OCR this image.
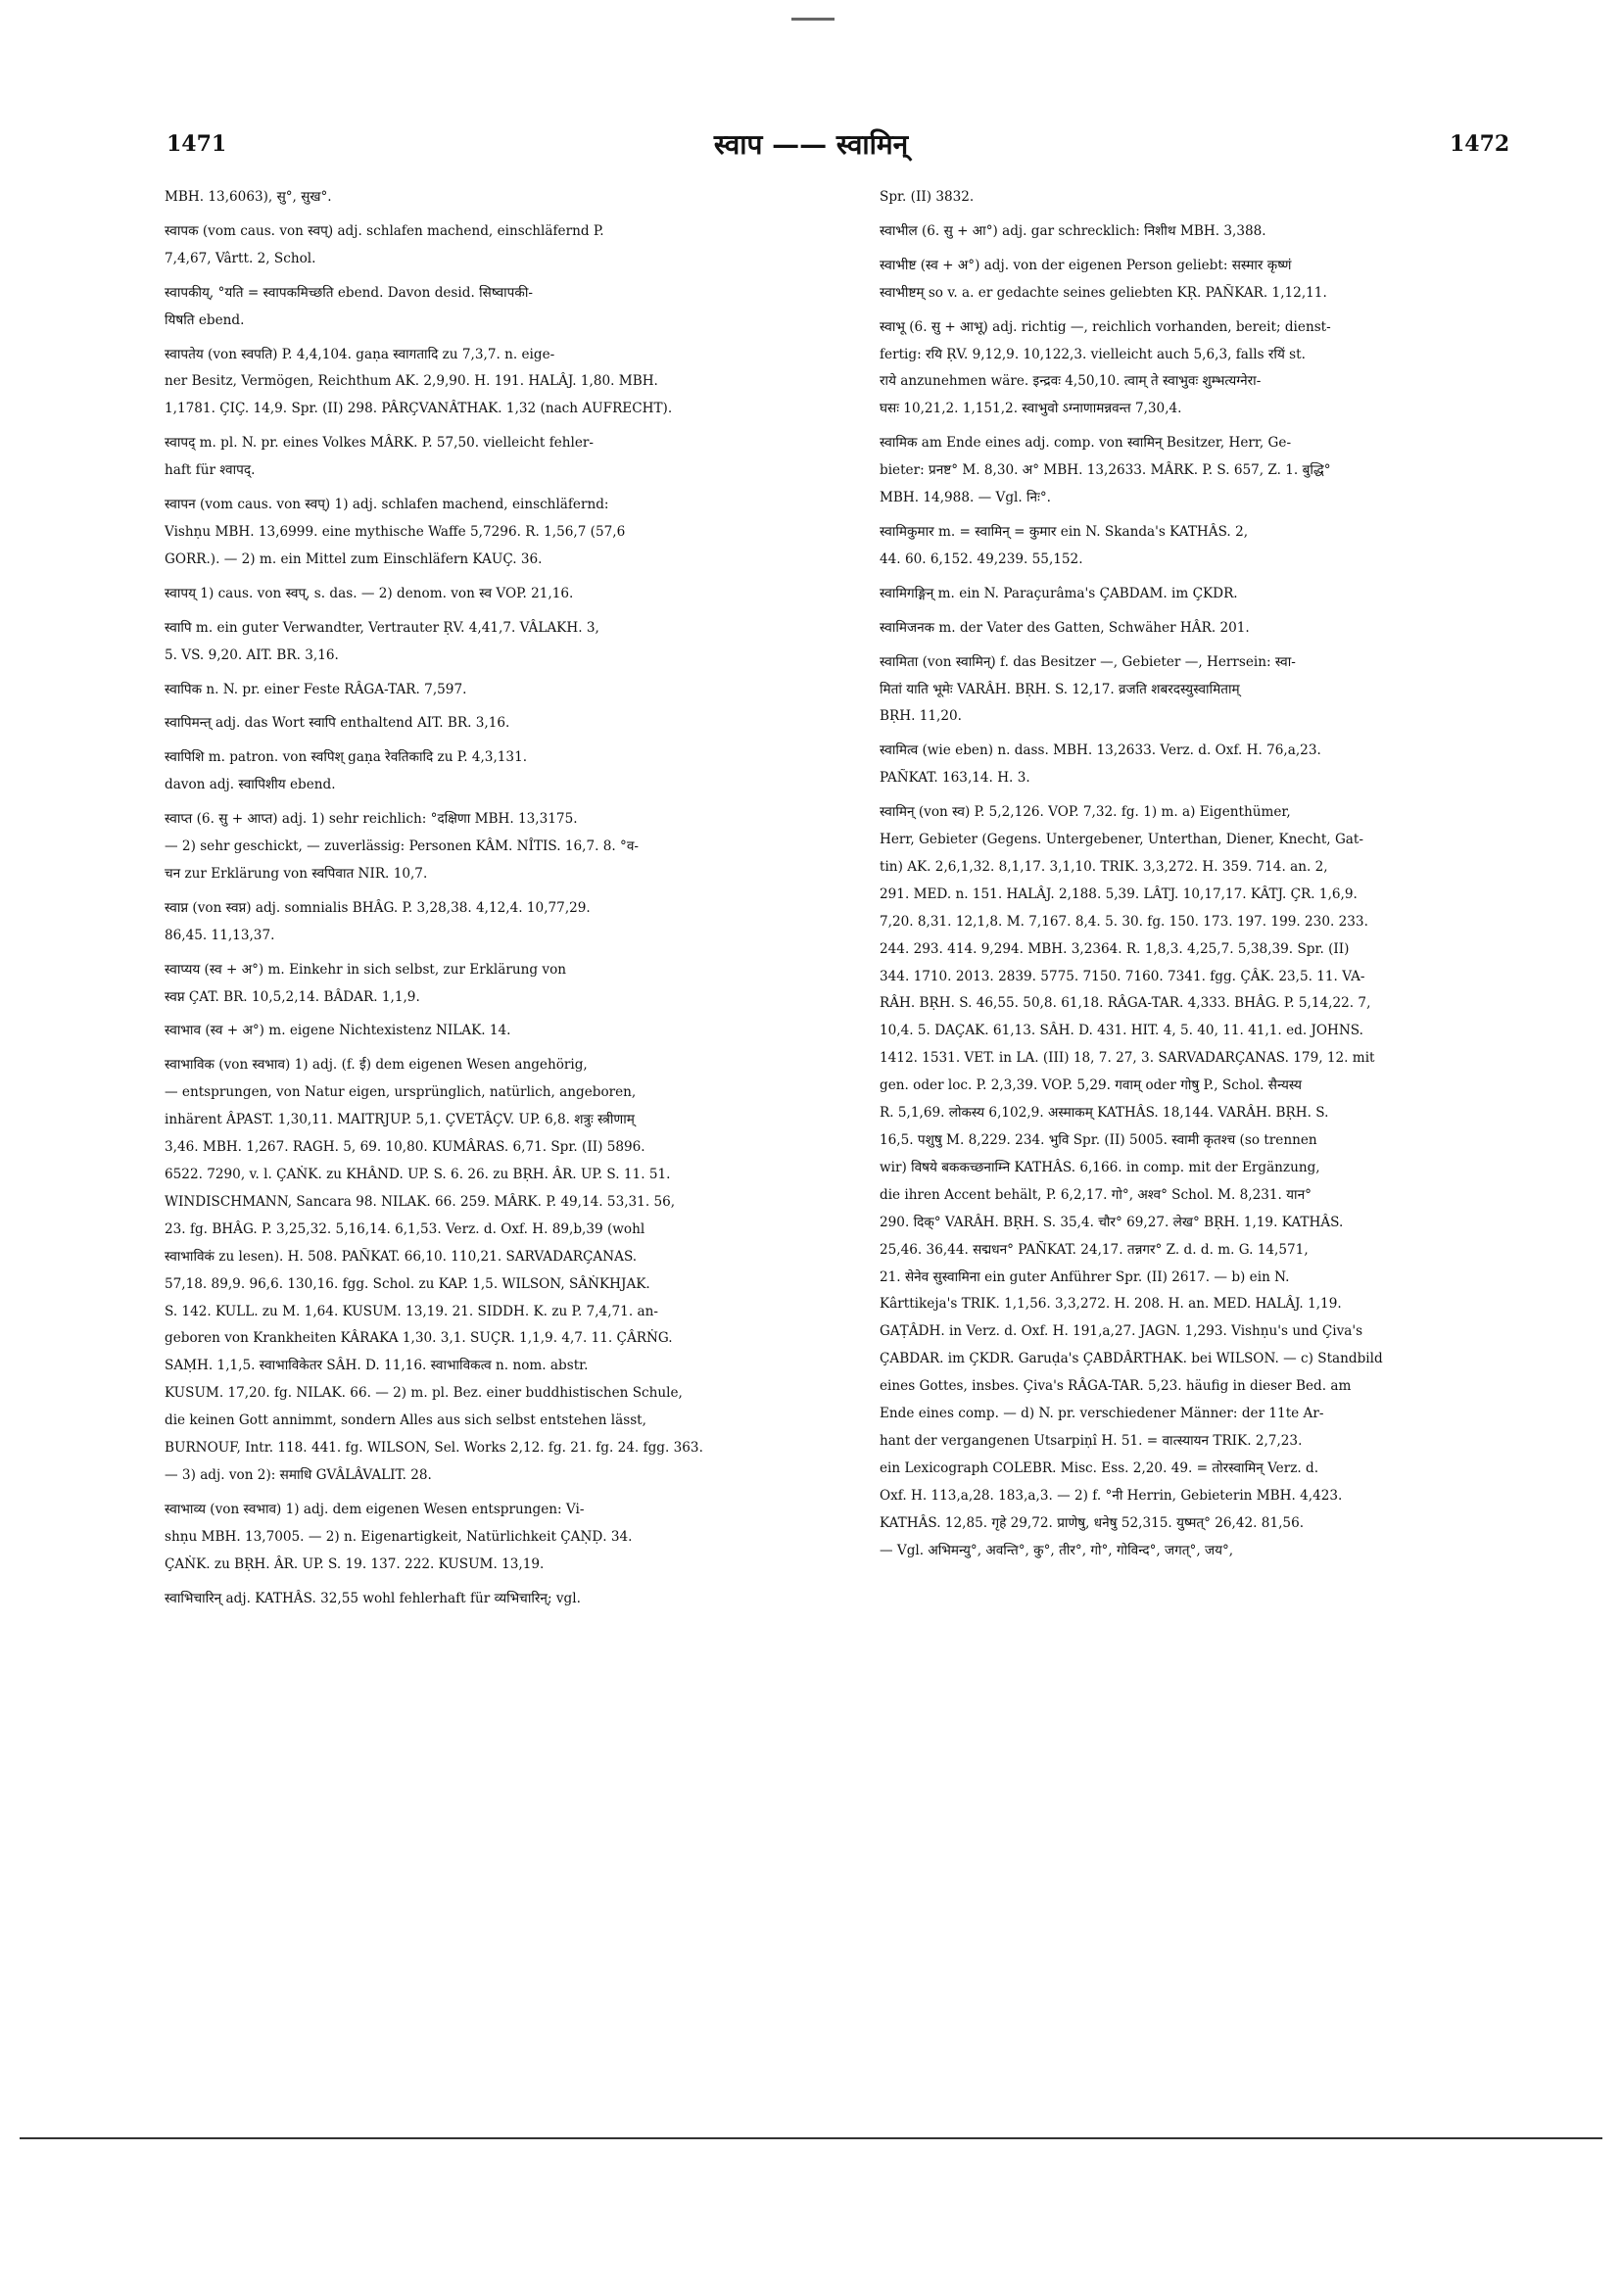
1471	स्वाप —— स्वामिन्	1472
MBH. 13,6063), सु°, सुख°.
स्वापक (vom caus. von स्वप्) adj. schlafen machend, einschläfernd P.
7,4,67, Vârtt. 2, Schol.
स्वापकीय्, °यति = स्वापकमिच्छति ebend. Davon desid. सिष्वापकी-
यिषति ebend.
स्वापतेय (von स्वपति) P. 4,4,104. gaṇa स्वागतादि zu 7,3,7. n. eige-
ner Besitz, Vermögen, Reichthum AK. 2,9,90. H. 191. HALÂJ. 1,80. MBH.
1,1781. ÇIÇ. 14,9. Spr. (II) 298. PÂRÇVANÂTHAK. 1,32 (nach AUFRECHT).
स्वापद् m. pl. N. pr. eines Volkes MÂRK. P. 57,50. vielleicht fehler-
haft für श्वापद्.
स्वापन (vom caus. von स्वप्) 1) adj. schlafen machend, einschläfernd:
Vishṇu MBH. 13,6999. eine mythische Waffe 5,7296. R. 1,56,7 (57,6
GORR.). — 2) m. ein Mittel zum Einschläfern KAUÇ. 36.
स्वापय् 1) caus. von स्वप्, s. das. — 2) denom. von स्व VOP. 21,16.
स्वापि m. ein guter Verwandter, Vertrauter ṚV. 4,41,7. VÂLAKH. 3,
5. VS. 9,20. AIT. BR. 3,16.
स्वापिक n. N. pr. einer Feste RÂGA-TAR. 7,597.
स्वापिमन्त् adj. das Wort स्वापि enthaltend AIT. BR. 3,16.
स्वापिशि m. patron. von स्वपिश् gaṇa रेवतिकादि zu P. 4,3,131.
davon adj. स्वापिशीय ebend.
स्वाप्त (6. सु + आप्त) adj. 1) sehr reichlich: °दक्षिणा MBH. 13,3175.
— 2) sehr geschickt, — zuverlässig: Personen KÂM. NÎTIS. 16,7. 8. °व-
चन zur Erklärung von स्वपिवात NIR. 10,7.
स्वाप्न (von स्वप्न) adj. somnialis BHÂG. P. 3,28,38. 4,12,4. 10,77,29.
86,45. 11,13,37.
स्वाप्यय (स्व + अ°) m. Einkehr in sich selbst, zur Erklärung von
स्वप्न ÇAT. BR. 10,5,2,14. BÂDAR. 1,1,9.
स्वाभाव (स्व + अ°) m. eigene Nichtexistenz NILAK. 14.
स्वाभाविक (von स्वभाव) 1) adj. (f. ई) dem eigenen Wesen angehörig,
— entsprungen, von Natur eigen, ursprünglich, natürlich, angeboren,
inhärent ÂPAST. 1,30,11. MAITRJUP. 5,1. ÇVETÂÇV. UP. 6,8. शत्रुः स्त्रीणाम्
3,46. MBH. 1,267. RAGH. 5, 69. 10,80. KUMÂRAS. 6,71. Spr. (II) 5896.
6522. 7290, v. l. ÇAṄK. zu KHÂND. UP. S. 6. 26. zu BṚH. ÂR. UP. S. 11. 51.
WINDISCHMANN, Sancara 98. NILAK. 66. 259. MÂRK. P. 49,14. 53,31. 56,
23. fg. BHÂG. P. 3,25,32. 5,16,14. 6,1,53. Verz. d. Oxf. H. 89,b,39 (wohl
स्वाभाविकं zu lesen). H. 508. PAÑKAT. 66,10. 110,21. SARVADARÇANAS.
57,18. 89,9. 96,6. 130,16. fgg. Schol. zu KAP. 1,5. WILSON, SÂṄKHJAK.
S. 142. KULL. zu M. 1,64. KUSUM. 13,19. 21. SIDDH. K. zu P. 7,4,71. an-
geboren von Krankheiten KÂRAKA 1,30. 3,1. SUÇR. 1,1,9. 4,7. 11. ÇÂRṄG.
SAṂH. 1,1,5. स्वाभाविकेतर SÂH. D. 11,16. स्वाभाविकत्व n. nom. abstr.
KUSUM. 17,20. fg. NILAK. 66. — 2) m. pl. Bez. einer buddhistischen Schule,
die keinen Gott annimmt, sondern Alles aus sich selbst entstehen lässt,
BURNOUF, Intr. 118. 441. fg. WILSON, Sel. Works 2,12. fg. 21. fg. 24. fgg. 363.
— 3) adj. von 2): समाधि GVÂLÂVALIT. 28.
स्वाभाव्य (von स्वभाव) 1) adj. dem eigenen Wesen entsprungen: Vi-
shṇu MBH. 13,7005. — 2) n. Eigenartigkeit, Natürlichkeit ÇAṆḌ. 34.
ÇAṄK. zu BṚH. ÂR. UP. S. 19. 137. 222. KUSUM. 13,19.
स्वाभिचारिन् adj. KATHÂS. 32,55 wohl fehlerhaft für व्यभिचारिन्; vgl.
Spr. (II) 3832.
स्वाभील (6. सु + आ°) adj. gar schrecklich: निशीथ MBH. 3,388.
स्वाभीष्ट (स्व + अ°) adj. von der eigenen Person geliebt: सस्मार कृष्णं
स्वाभीष्टम् so v. a. er gedachte seines geliebten KṚ. PAÑKAR. 1,12,11.
स्वाभू (6. सु + आभू) adj. richtig —, reichlich vorhanden, bereit; dienst-
fertig: रयि ṚV. 9,12,9. 10,122,3. vielleicht auch 5,6,3, falls रयिं st.
राये anzunehmen wäre. इन्द्रवः 4,50,10. त्वाम् ते स्वाभुवः शुम्भत्यग्नेरा-
घसः 10,21,2. 1,151,2. स्वाभुवो ऽग्नाणामन्नवन्त 7,30,4.
स्वामिक am Ende eines adj. comp. von स्वामिन् Besitzer, Herr, Ge-
bieter: प्रनष्ट° M. 8,30. अ° MBH. 13,2633. MÂRK. P. S. 657, Z. 1. बुद्धि°
MBH. 14,988. — Vgl. निः°.
स्वामिकुमार m. = स्वामिन् = कुमार ein N. Skanda's KATHÂS. 2,
44. 60. 6,152. 49,239. 55,152.
स्वामिगङ्गिन् m. ein N. Paraçurâma's ÇABDAM. im ÇKDR.
स्वामिजनक m. der Vater des Gatten, Schwäher HÂR. 201.
स्वामिता (von स्वामिन्) f. das Besitzer —, Gebieter —, Herrsein: स्वा-
मितां याति भूमेः VARÂH. BṚH. S. 12,17. व्रजति शबरदस्युस्वामिताम्
BṚH. 11,20.
स्वामित्व (wie eben) n. dass. MBH. 13,2633. Verz. d. Oxf. H. 76,a,23.
PAÑKAT. 163,14. H. 3.
स्वामिन् (von स्व) P. 5,2,126. VOP. 7,32. fg. 1) m. a) Eigenthümer,
Herr, Gebieter (Gegens. Untergebener, Unterthan, Diener, Knecht, Gat-
tin) AK. 2,6,1,32. 8,1,17. 3,1,10. TRIK. 3,3,272. H. 359. 714. an. 2,
291. MED. n. 151. HALÂJ. 2,188. 5,39. LÂTJ. 10,17,17. KÂTJ. ÇR. 1,6,9.
7,20. 8,31. 12,1,8. M. 7,167. 8,4. 5. 30. fg. 150. 173. 197. 199. 230. 233.
244. 293. 414. 9,294. MBH. 3,2364. R. 1,8,3. 4,25,7. 5,38,39. Spr. (II)
344. 1710. 2013. 2839. 5775. 7150. 7160. 7341. fgg. ÇÂK. 23,5. 11. VA-
RÂH. BṚH. S. 46,55. 50,8. 61,18. RÂGA-TAR. 4,333. BHÂG. P. 5,14,22. 7,
10,4. 5. DAÇAK. 61,13. SÂH. D. 431. HIT. 4, 5. 40, 11. 41,1. ed. JOHNS.
1412. 1531. VET. in LA. (III) 18, 7. 27, 3. SARVADARÇANAS. 179, 12. mit
gen. oder loc. P. 2,3,39. VOP. 5,29. गवाम् oder गोषु P., Schol. सैन्यस्य
R. 5,1,69. लोकस्य 6,102,9. अस्माकम् KATHÂS. 18,144. VARÂH. BṚH. S.
16,5. पशुषु M. 8,229. 234. भुवि Spr. (II) 5005. स्वामी कृतश्च (so trennen
wir) विषये बककच्छनाम्नि KATHÂS. 6,166. in comp. mit der Ergänzung,
die ihren Accent behält, P. 6,2,17. गो°, अश्व° Schol. M. 8,231. यान°
290. दिक्° VARÂH. BṚH. S. 35,4. चौर° 69,27. लेख° BṚH. 1,19. KATHÂS.
25,46. 36,44. सद्मधन° PAÑKAT. 24,17. तन्नगर° Z. d. d. m. G. 14,571,
21. सेनेव सुस्वामिना ein guter Anführer Spr. (II) 2617. — b) ein N.
Kârttikeja's TRIK. 1,1,56. 3,3,272. H. 208. H. an. MED. HALÂJ. 1,19.
GAṬÂDH. in Verz. d. Oxf. H. 191,a,27. JAGN. 1,293. Vishṇu's und Çiva's
ÇABDAR. im ÇKDR. Garuḍa's ÇABDÂRTHAK. bei WILSON. — c) Standbild
eines Gottes, insbes. Çiva's RÂGA-TAR. 5,23. häufig in dieser Bed. am
Ende eines comp. — d) N. pr. verschiedener Männer: der 11te Ar-
hant der vergangenen Utsarpiṇî H. 51. = वात्स्यायन TRIK. 2,7,23.
ein Lexicograph COLEBR. Misc. Ess. 2,20. 49. = तोरस्वामिन् Verz. d.
Oxf. H. 113,a,28. 183,a,3. — 2) f. °नी Herrin, Gebieterin MBH. 4,423.
KATHÂS. 12,85. गृहे 29,72. प्राणेषु, धनेषु 52,315. युष्मत्° 26,42. 81,56.
— Vgl. अभिमन्यु°, अवन्ति°, कु°, तीर°, गो°, गोविन्द°, जगत्°, जय°,
